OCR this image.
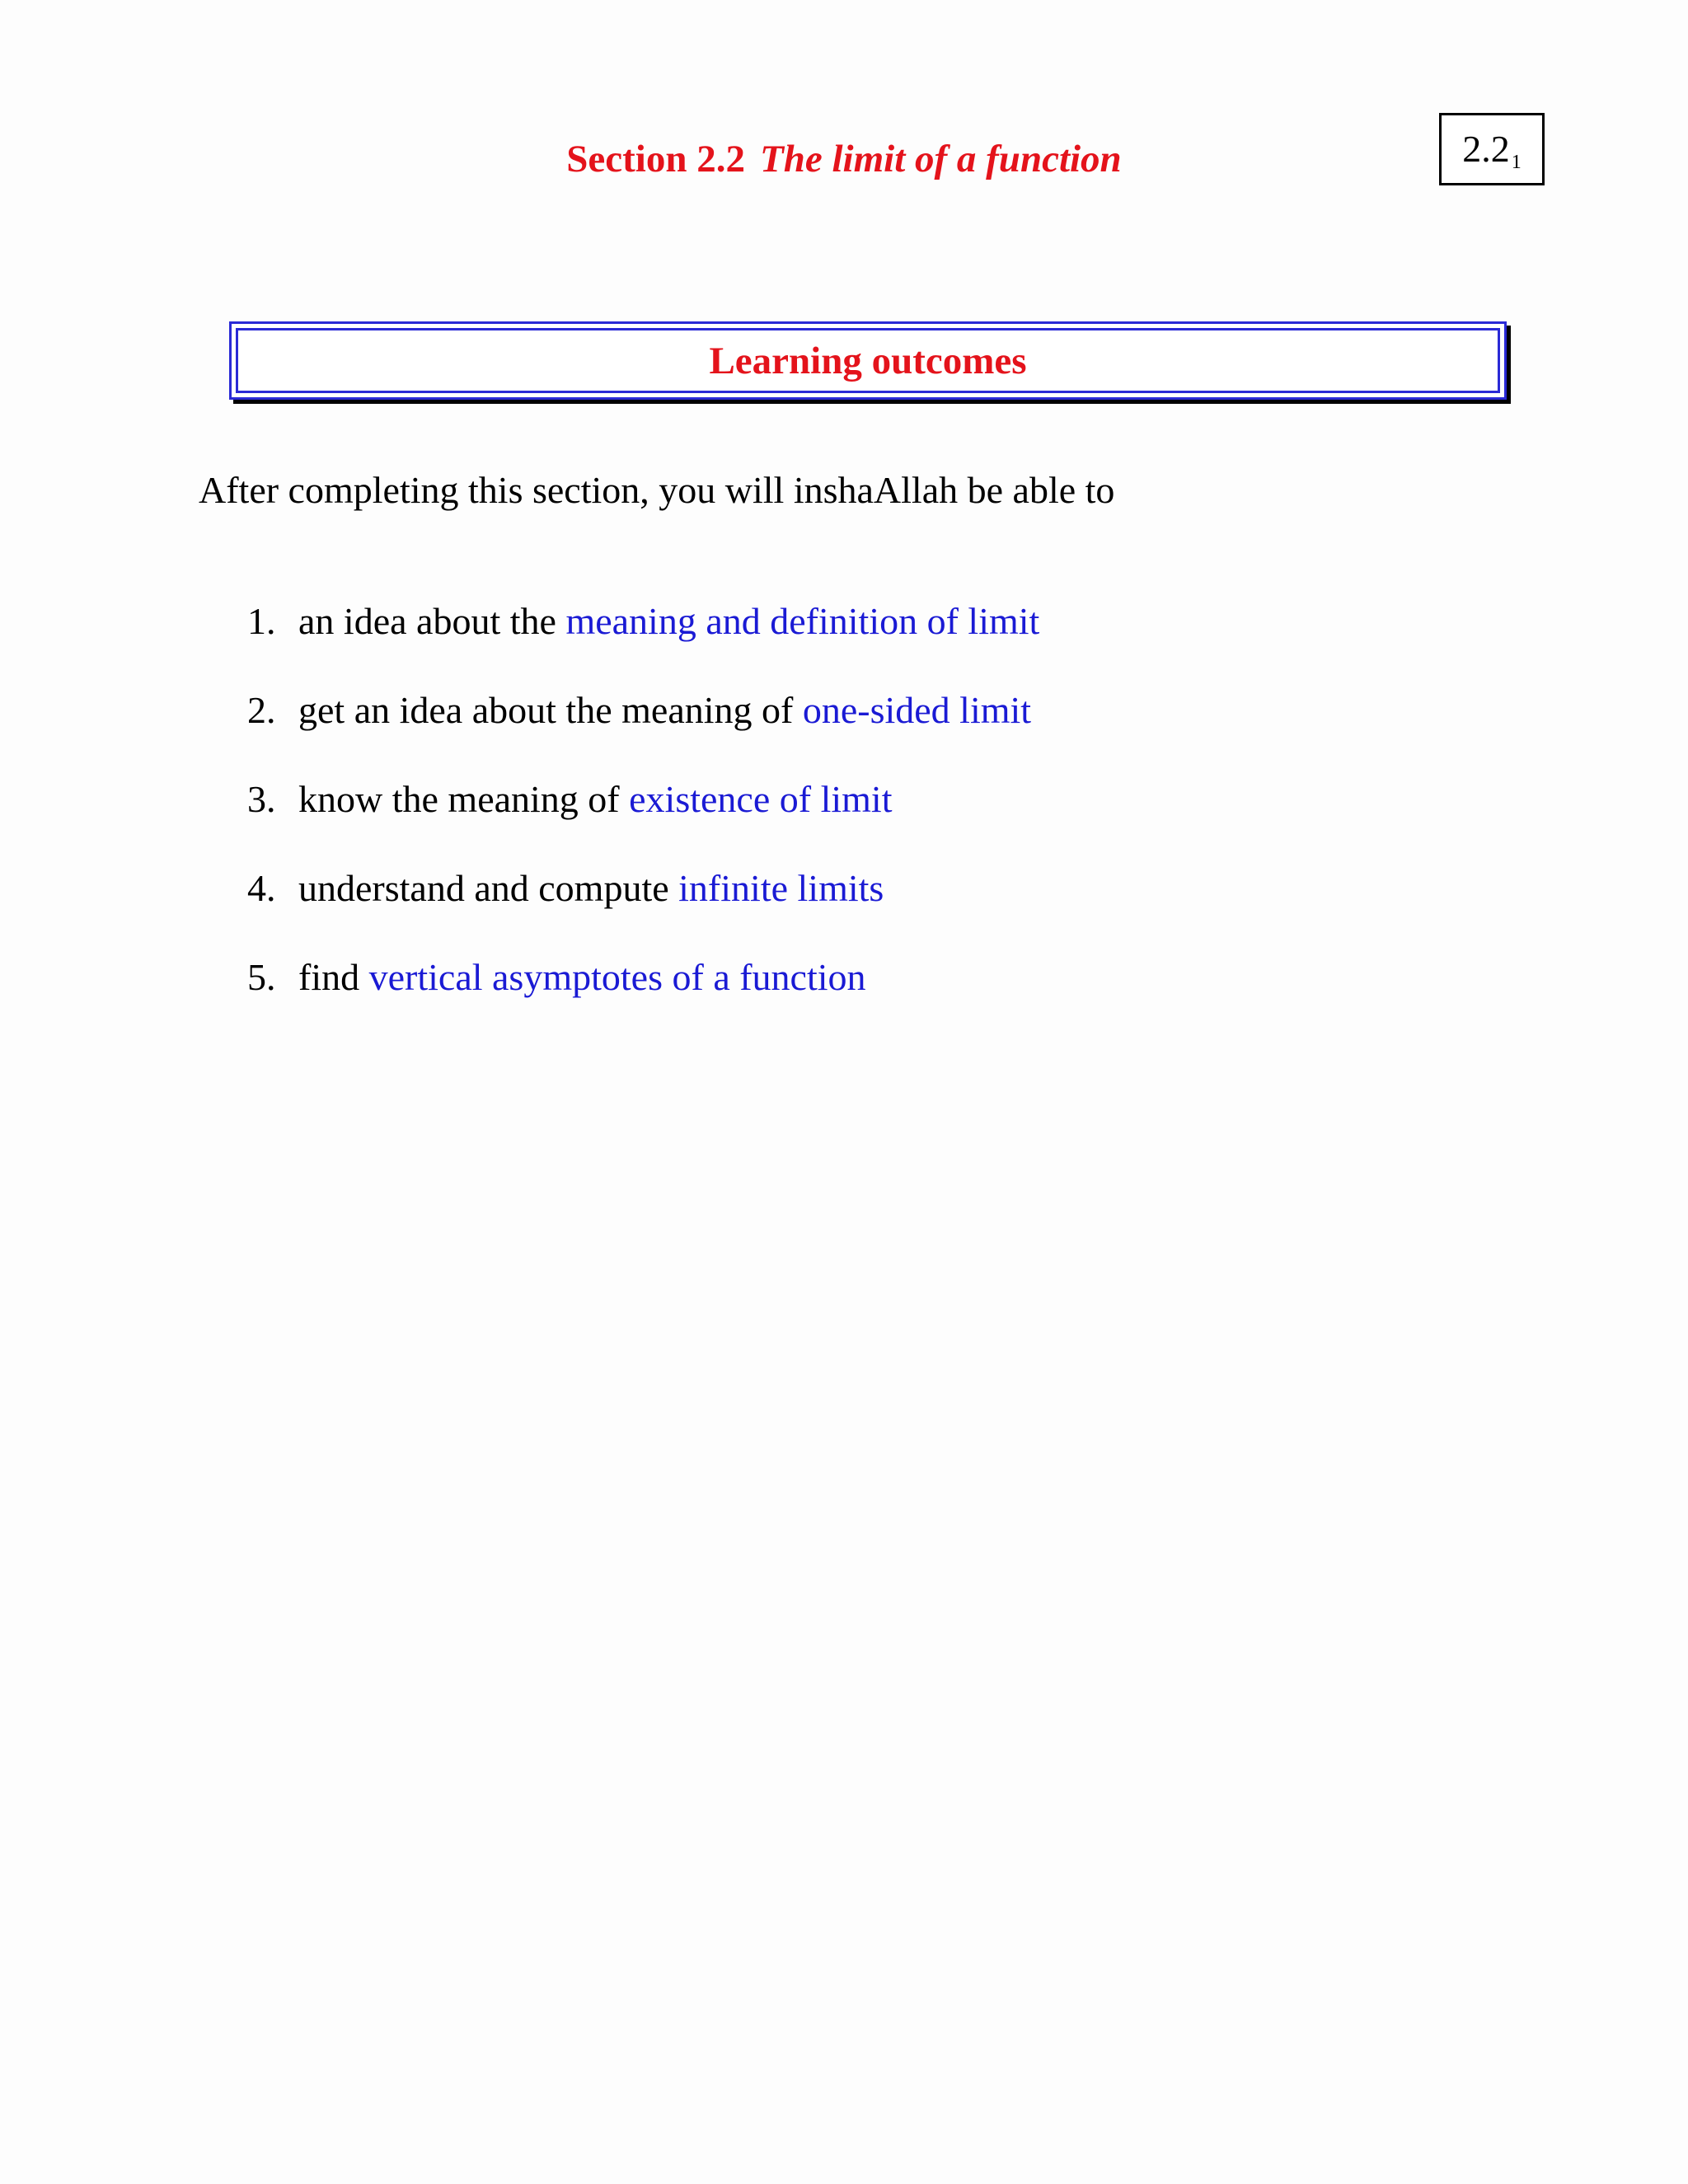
2.2 1
Section 2.2 The limit of a function
Learning outcomes
After completing this section, you will inshaAllah be able to
1. an idea about the meaning and definition of limit
2. get an idea about the meaning of one-sided limit
3. know the meaning of existence of limit
4. understand and compute infinite limits
5. find vertical asymptotes of a function
